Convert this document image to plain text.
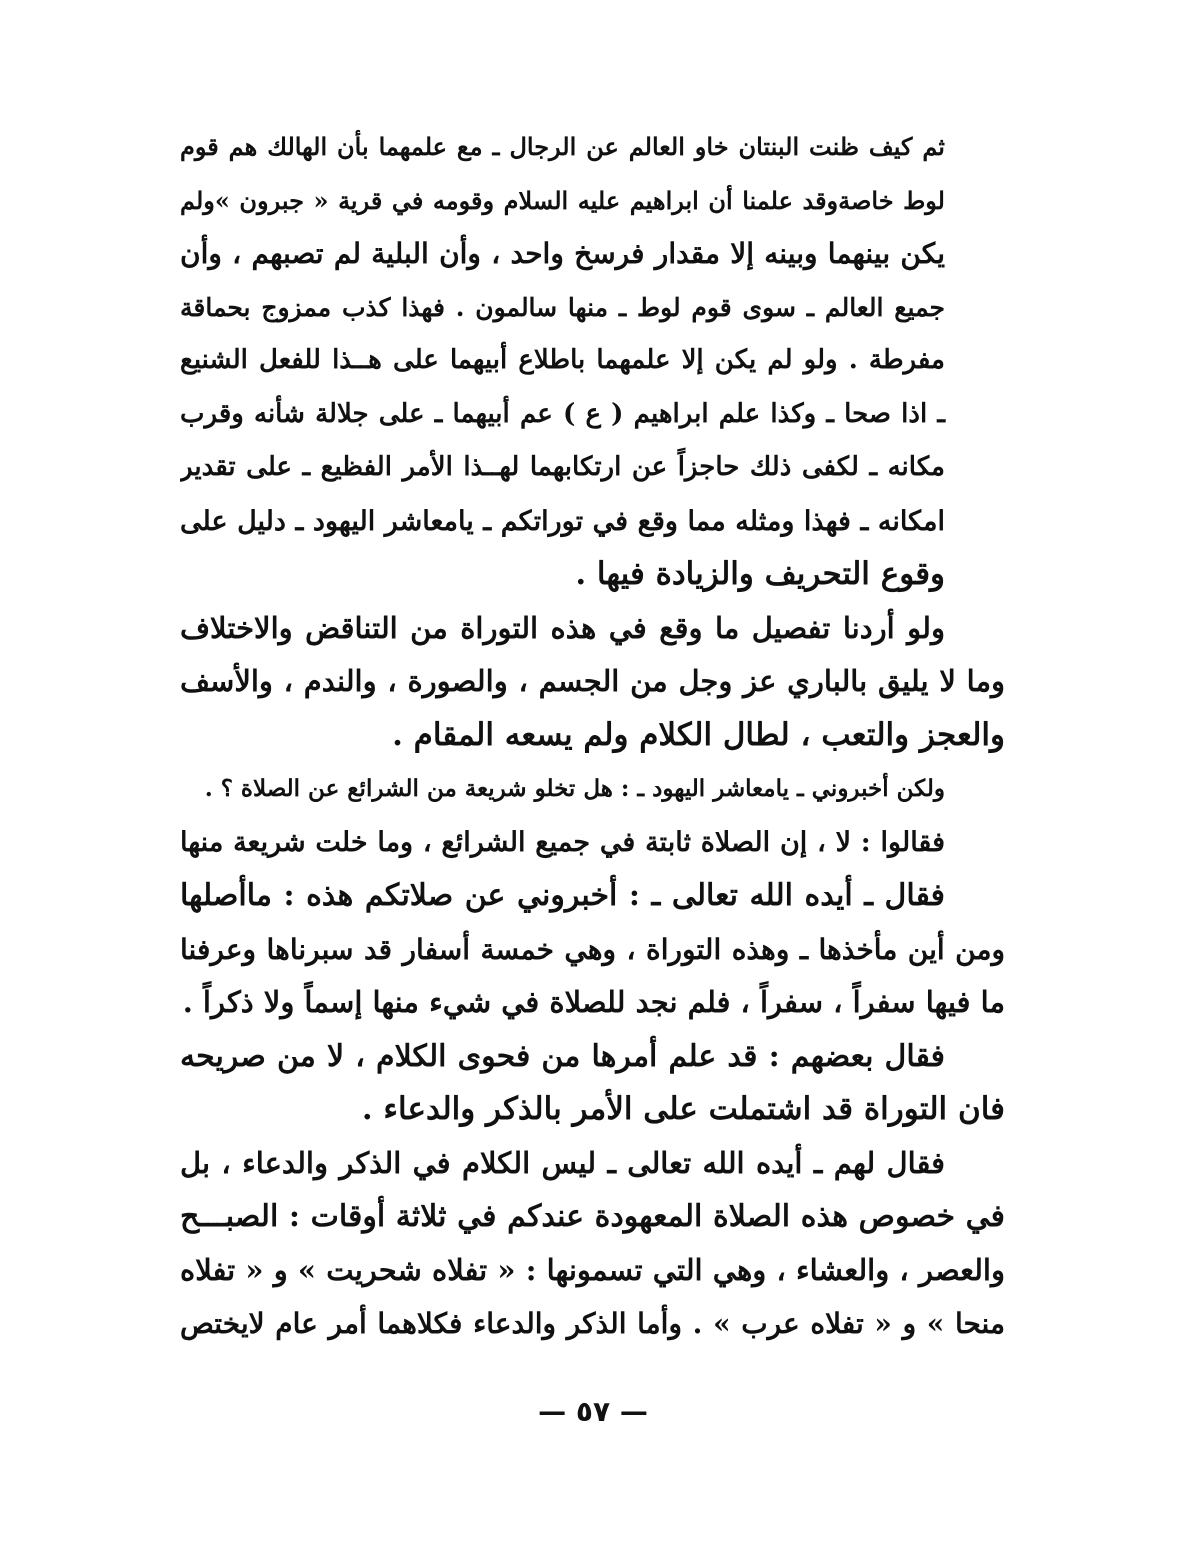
ثم كيف ظنت البنتان خاو العالم عن الرجال ـ مع علمهما بأن الهالك هم قوم
لوط خاصةوقد علمنا أن ابراهيم عليه السلام وقومه في قرية « جبرون »ولم
يكن بينهما وبينه إلا مقدار فرسخ واحد ، وأن البلية لم تصبهم ، وأن
جميع العالم ـ سوى قوم لوط ـ منها سالمون . فهذا كذب ممزوج بحماقة
مفرطة . ولو لم يكن إلا علمهما باطلاع أبيهما على هــذا للفعل الشنيع
ـ اذا صحا ـ وكذا علم ابراهيم ( ع ) عم أبيهما ـ على جلالة شأنه وقرب
مكانه ـ لكفى ذلك حاجزاً عن ارتكابهما لهــذا الأمر الفظيع ـ على تقدير
امكانه ـ فهذا ومثله مما وقع في توراتكم ـ يامعاشر اليهود ـ دليل على
وقوع التحريف والزيادة فيها .

ولو أردنا تفصيل ما وقع في هذه التوراة من التناقض والاختلاف
وما لا يليق بالباري عز وجل من الجسم ، والصورة ، والندم ، والأسف
والعجز والتعب ، لطال الكلام ولم يسعه المقام .

ولكن أخبروني ـ يامعاشر اليهود ـ : هل تخلو شريعة من الشرائع عن الصلاة ؟ .

فقالوا : لا ، إن الصلاة ثابتة في جميع الشرائع ، وما خلت شريعة منها

فقال ـ أيده الله تعالى ـ : أخبروني عن صلاتكم هذه : ماأصلها
ومن أين مأخذها ـ وهذه التوراة ، وهي خمسة أسفار قد سبرناها وعرفنا
ما فيها سفراً ، سفراً ، فلم نجد للصلاة في شيء منها إسماً ولا ذكراً .

فقال بعضهم : قد علم أمرها من فحوى الكلام ، لا من صريحه
فان التوراة قد اشتملت على الأمر بالذكر والدعاء .

فقال لهم ـ أيده الله تعالى ـ ليس الكلام في الذكر والدعاء ، بل
في خصوص هذه الصلاة المعهودة عندكم في ثلاثة أوقات : الصبـــح
والعصر ، والعشاء ، وهي التي تسمونها : « تفلاه شحريت » و « تفلاه
منحا » و « تفلاه عرب » . وأما الذكر والدعاء فكلاهما أمر عام لايختص

— ٥٧ —
